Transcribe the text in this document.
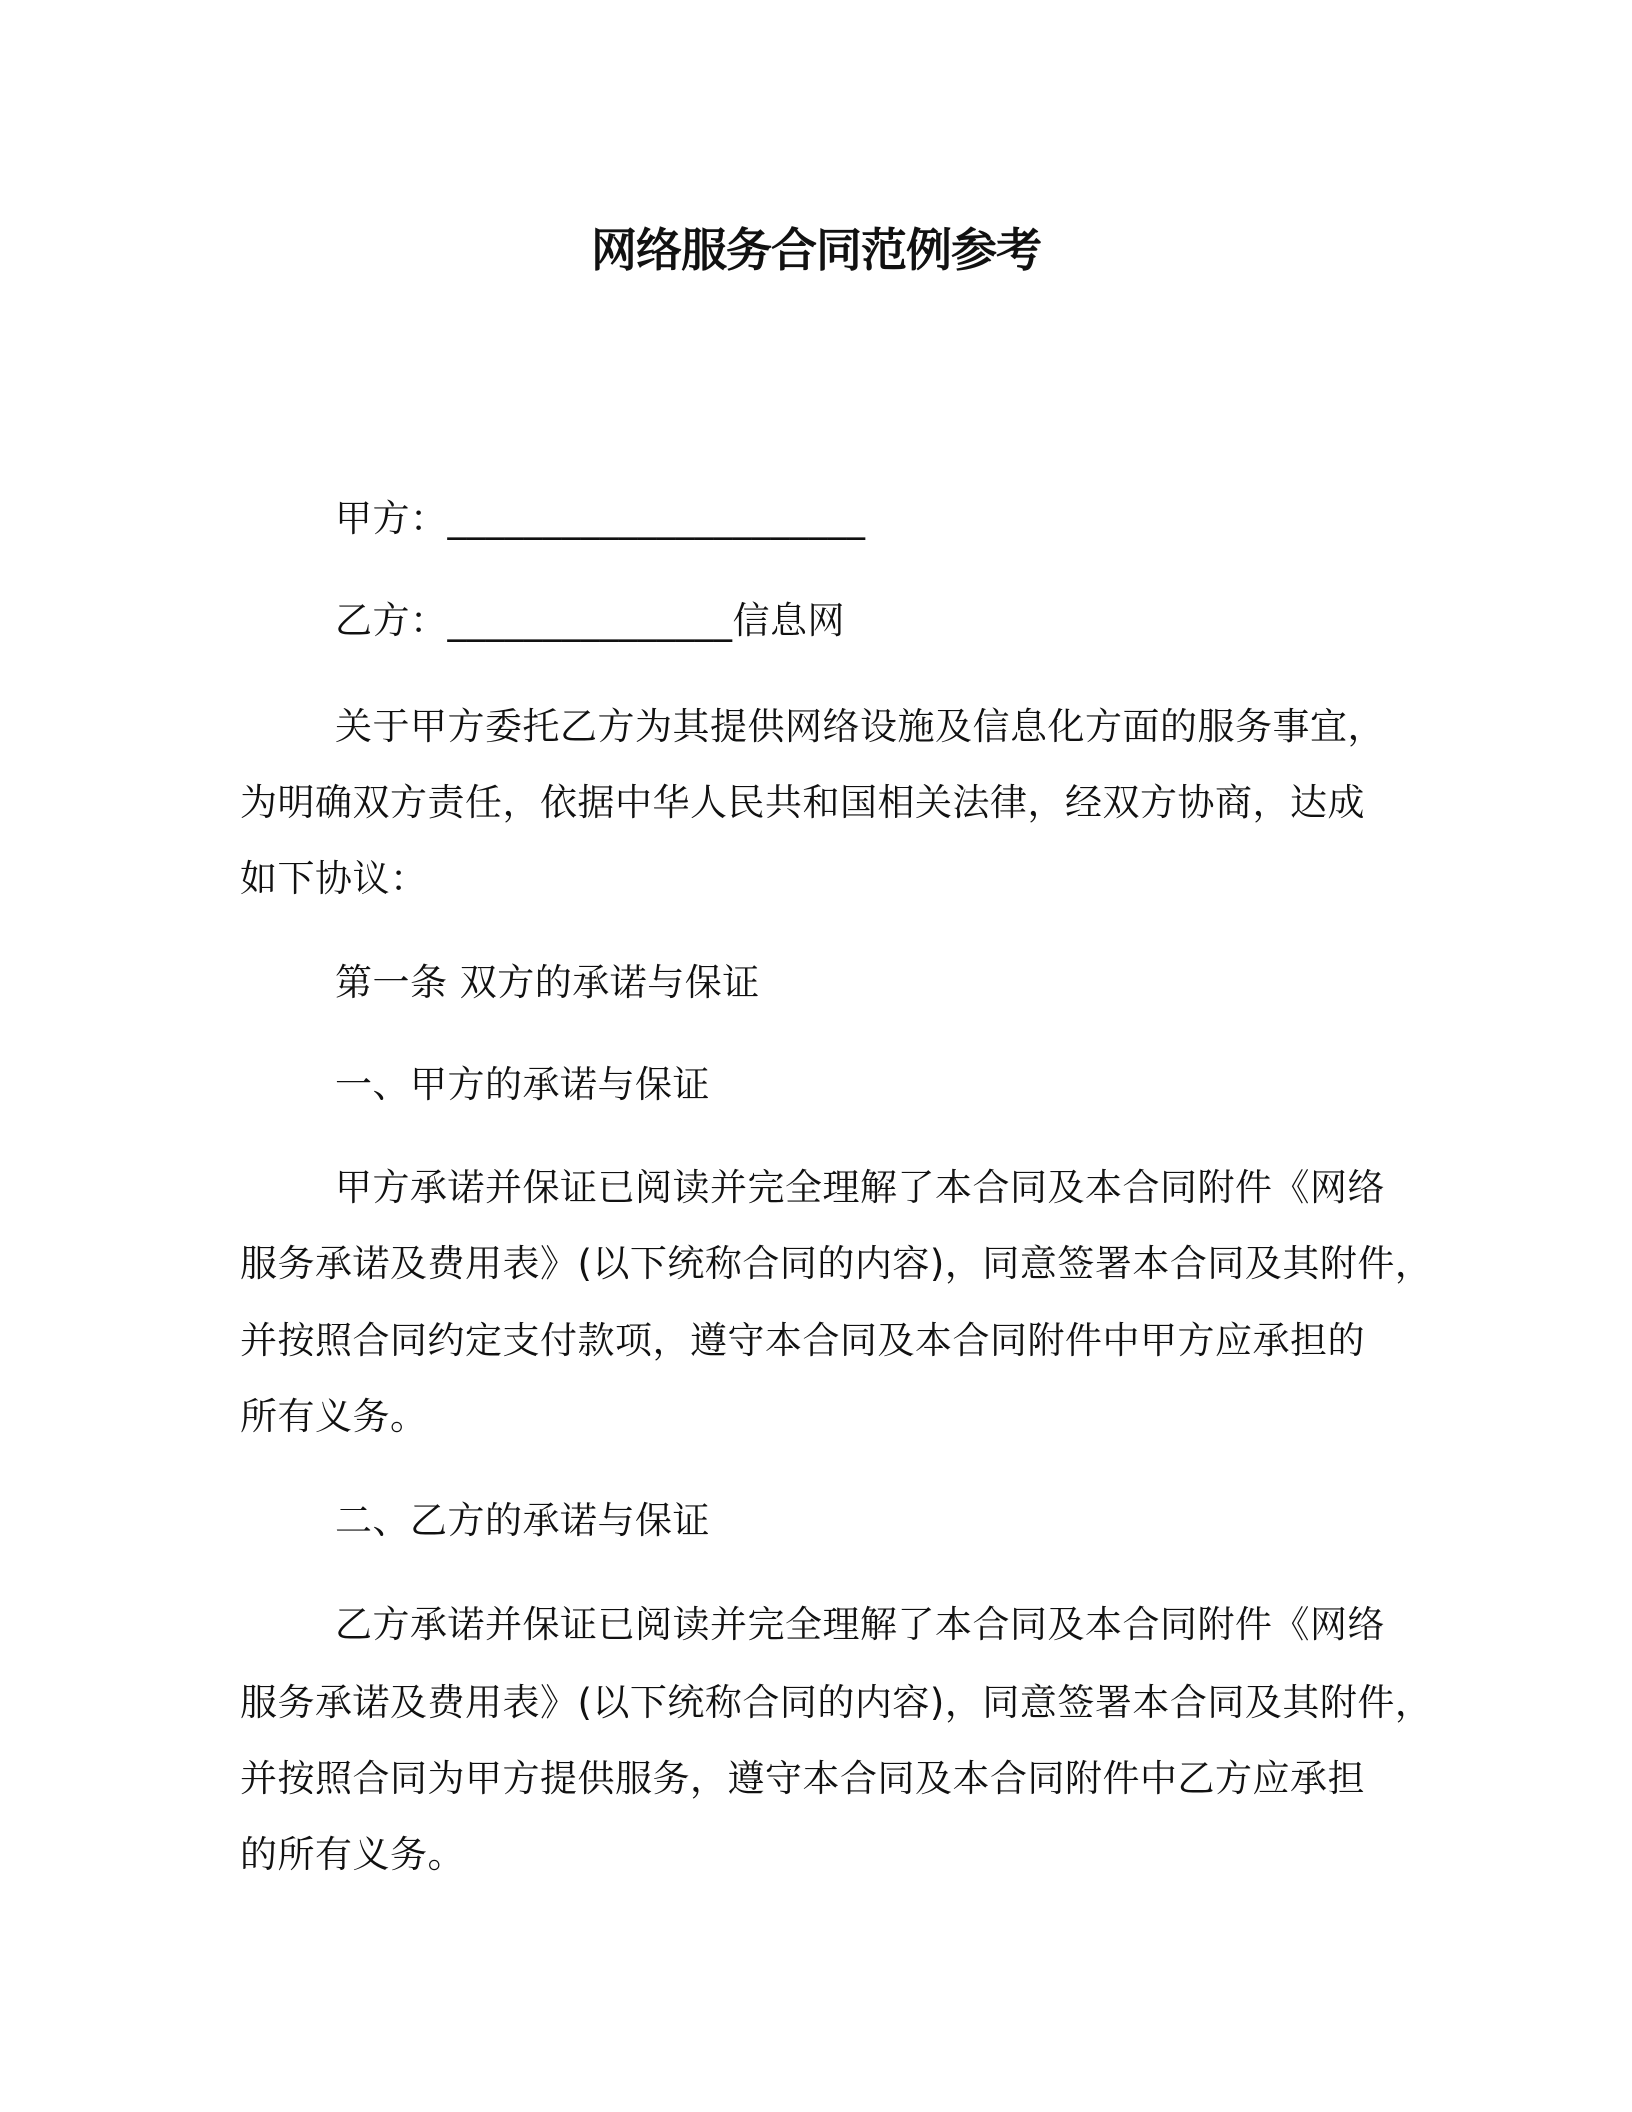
网络服务合同范例参考
甲方：______________________
乙方：_______________信息网
关于甲方委托乙方为其提供网络设施及信息化方面的服务事宜，
为明确双方责任，依据中华人民共和国相关法律，经双方协商，达成
如下协议：
第一条 双方的承诺与保证
一、甲方的承诺与保证
甲方承诺并保证已阅读并完全理解了本合同及本合同附件《网络
服务承诺及费用表》(以下统称合同的内容)，同意签署本合同及其附件，
并按照合同约定支付款项，遵守本合同及本合同附件中甲方应承担的
所有义务。
二、乙方的承诺与保证
乙方承诺并保证已阅读并完全理解了本合同及本合同附件《网络
服务承诺及费用表》(以下统称合同的内容)，同意签署本合同及其附件，
并按照合同为甲方提供服务，遵守本合同及本合同附件中乙方应承担
的所有义务。
